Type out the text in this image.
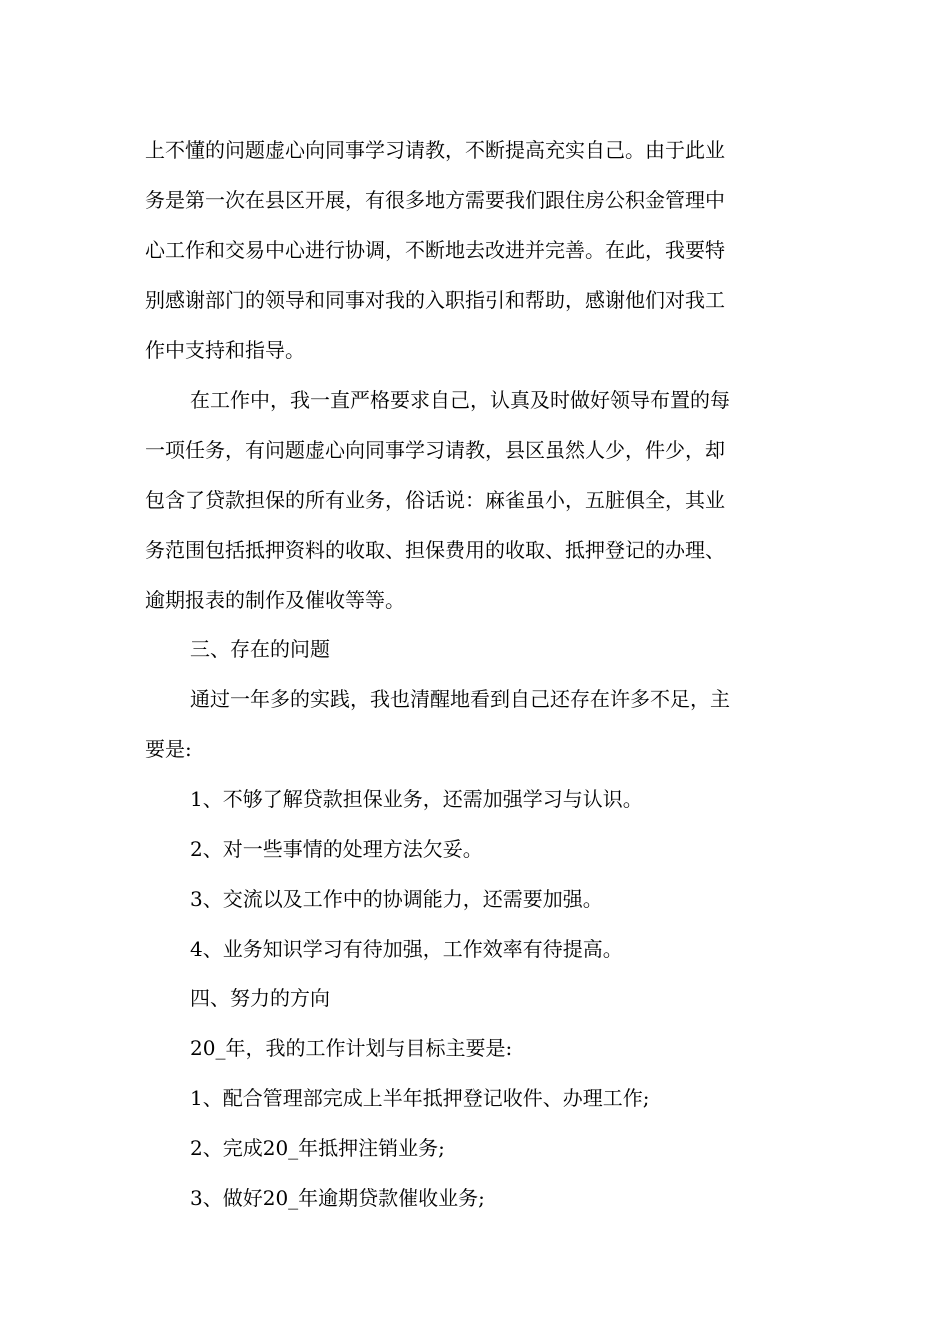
上不懂的问题虚心向同事学习请教，不断提高充实自己。由于此业
务是第一次在县区开展，有很多地方需要我们跟住房公积金管理中
心工作和交易中心进行协调，不断地去改进并完善。在此，我要特
别感谢部门的领导和同事对我的入职指引和帮助，感谢他们对我工
作中支持和指导。
在工作中，我一直严格要求自己，认真及时做好领导布置的每
一项任务，有问题虚心向同事学习请教，县区虽然人少，件少，却
包含了贷款担保的所有业务，俗话说：麻雀虽小，五脏俱全，其业
务范围包括抵押资料的收取、担保费用的收取、抵押登记的办理、
逾期报表的制作及催收等等。
三、存在的问题
通过一年多的实践，我也清醒地看到自己还存在许多不足，主
要是:
1、不够了解贷款担保业务，还需加强学习与认识。
2、对一些事情的处理方法欠妥。
3、交流以及工作中的协调能力，还需要加强。
4、业务知识学习有待加强，工作效率有待提高。
四、努力的方向
20_年，我的工作计划与目标主要是:
1、配合管理部完成上半年抵押登记收件、办理工作;
2、完成20_年抵押注销业务;
3、做好20_年逾期贷款催收业务;
